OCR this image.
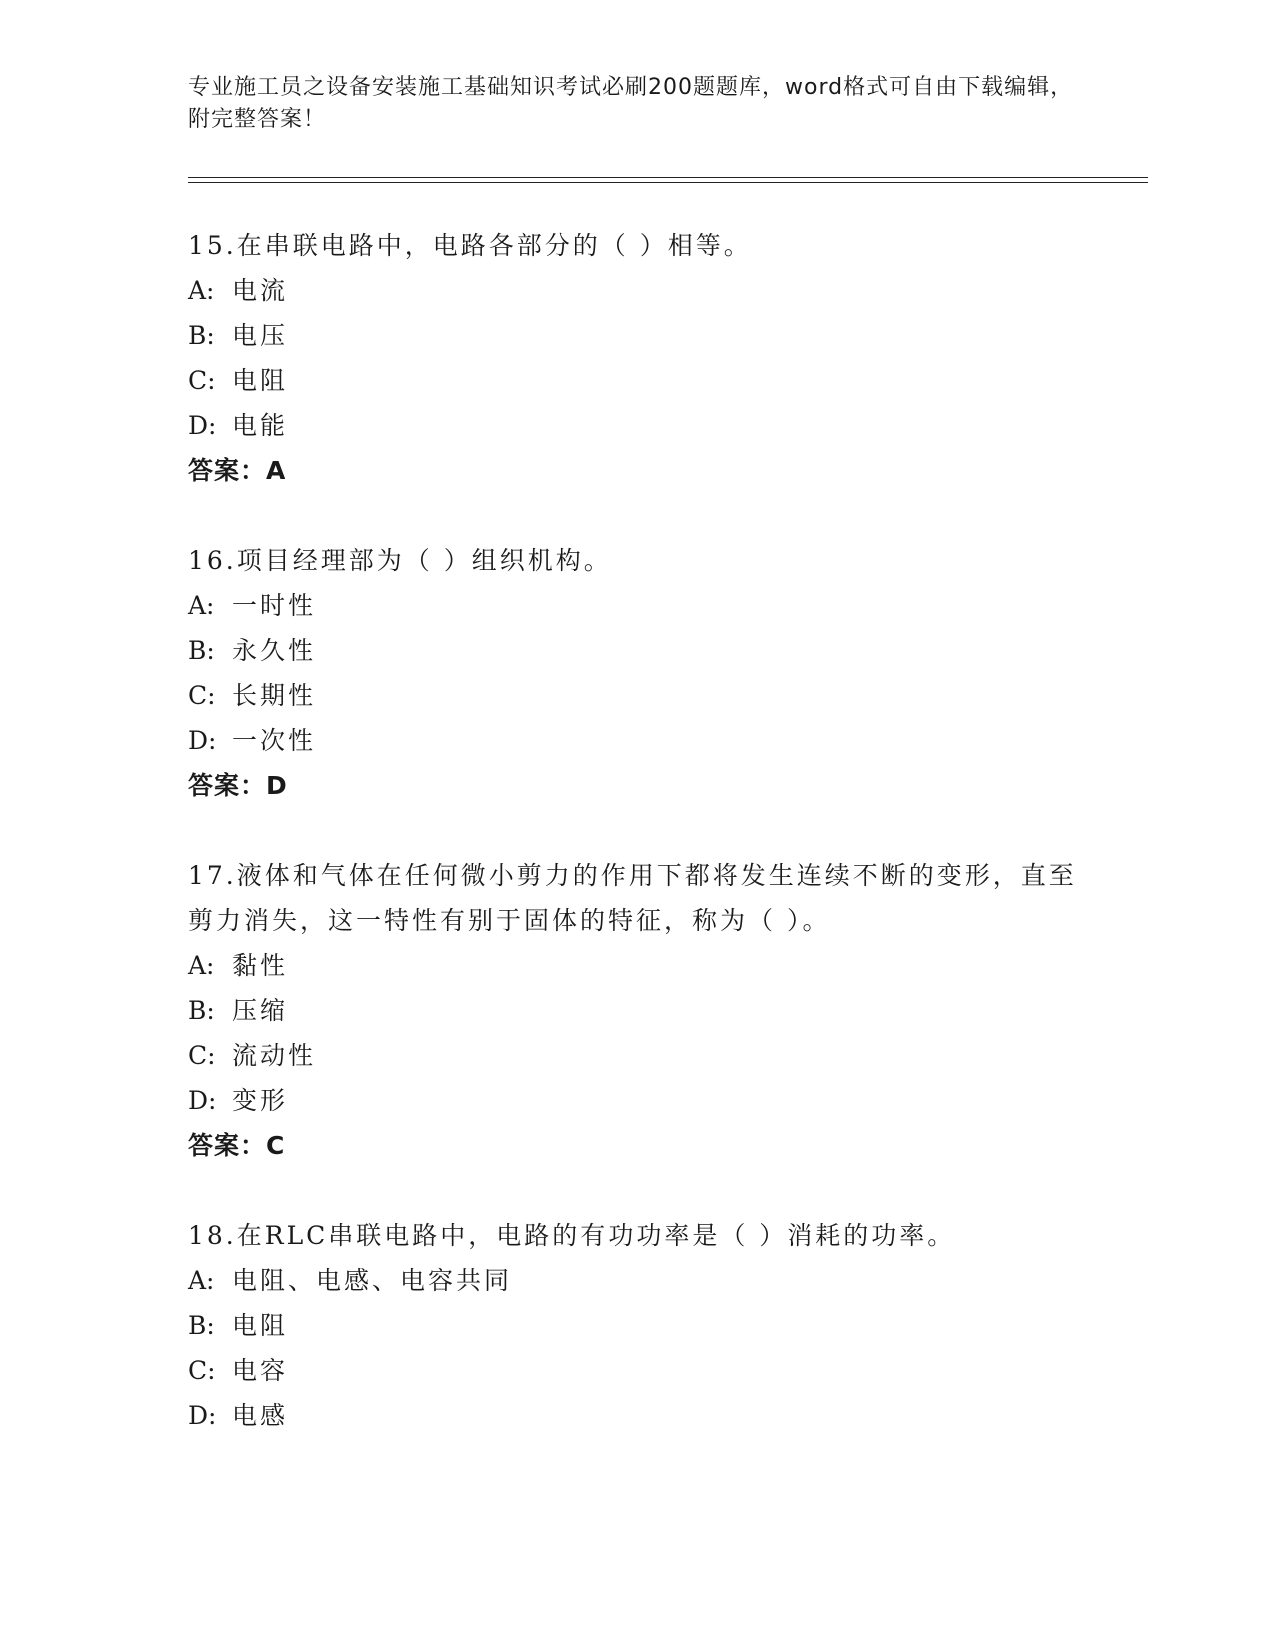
专业施工员之设备安装施工基础知识考试必刷200题题库，word格式可自由下载编辑，附完整答案！

15.在串联电路中，电路各部分的（ ）相等。

A: 电流

B: 电压

C: 电阻

D: 电能

答案：A

16.项目经理部为（ ）组织机构。

A: 一时性

B: 永久性

C: 长期性

D: 一次性

答案：D

17.液体和气体在任何微小剪力的作用下都将发生连续不断的变形，直至剪力消失，这一特性有别于固体的特征，称为（ ）。

A: 黏性

B: 压缩

C: 流动性

D: 变形

答案：C

18.在RLC串联电路中，电路的有功功率是（ ）消耗的功率。

A: 电阻、电感、电容共同

B: 电阻

C: 电容

D: 电感
